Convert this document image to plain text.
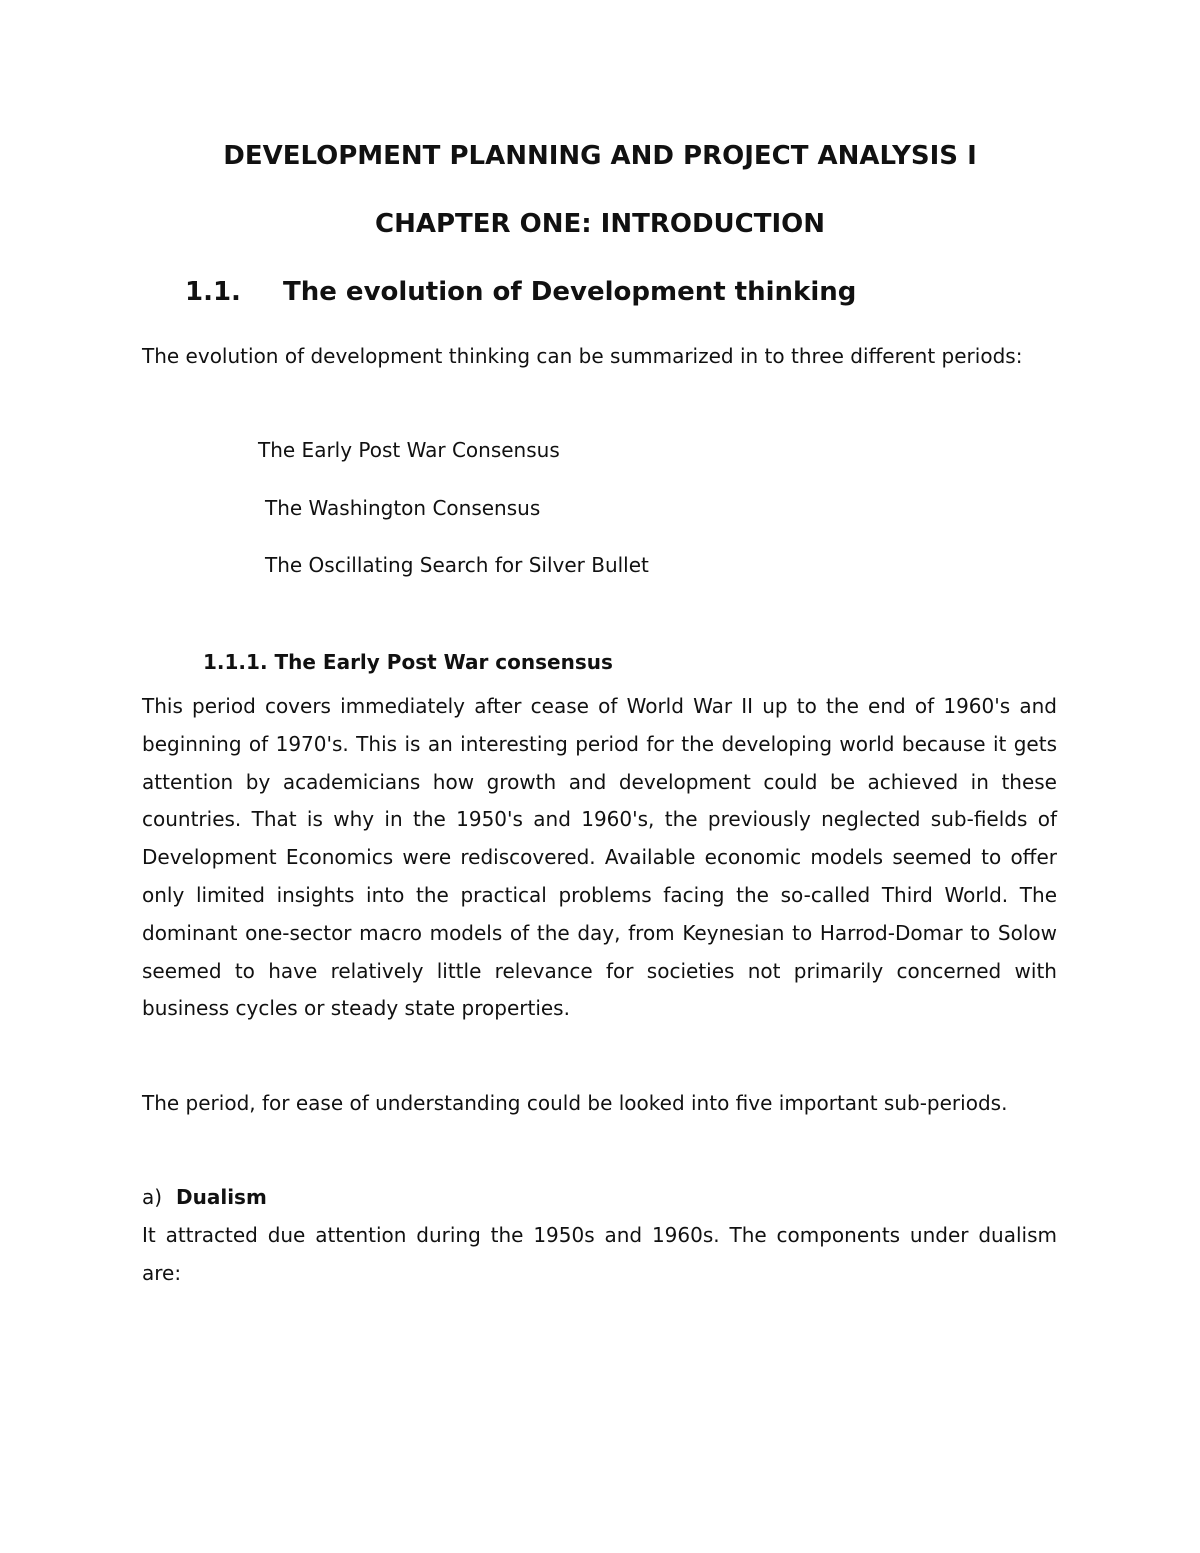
DEVELOPMENT PLANNING AND PROJECT ANALYSIS I
CHAPTER ONE: INTRODUCTION
1.1. The evolution of Development thinking
The evolution of development thinking can be summarized in to three different periods:
The Early Post War Consensus
The Washington Consensus
The Oscillating Search for Silver Bullet
1.1.1. The Early Post War consensus
This period covers immediately after cease of World War II up to the end of 1960's and beginning of 1970's. This is an interesting period for the developing world because it gets attention by academicians how growth and development could be achieved in these countries. That is why in the 1950's and 1960's, the previously neglected sub-fields of Development Economics were rediscovered. Available economic models seemed to offer only limited insights into the practical problems facing the so-called Third World. The dominant one-sector macro models of the day, from Keynesian to Harrod-Domar to Solow seemed to have relatively little relevance for societies not primarily concerned with business cycles or steady state properties.
The period, for ease of understanding could be looked into five important sub-periods.
a) Dualism
It attracted due attention during the 1950s and 1960s. The components under dualism are:
